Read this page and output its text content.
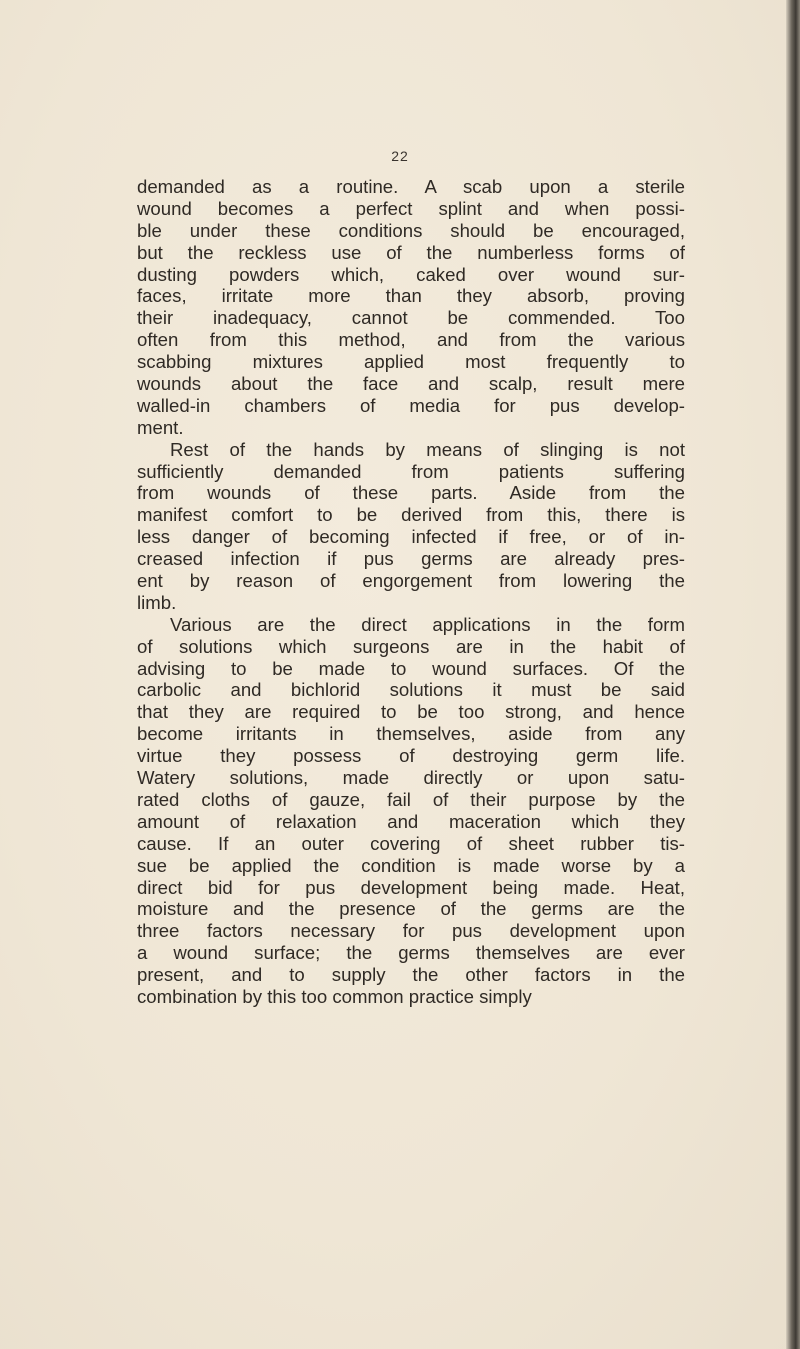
22
demanded as a routine. A scab upon a sterile
wound becomes a perfect splint and when possi-
ble under these conditions should be encouraged,
but the reckless use of the numberless forms of
dusting powders which, caked over wound sur-
faces, irritate more than they absorb, proving
their inadequacy, cannot be commended. Too
often from this method, and from the various
scabbing mixtures applied most frequently to
wounds about the face and scalp, result mere
walled-in chambers of media for pus develop-
ment.
Rest of the hands by means of slinging is not
sufficiently demanded from patients suffering
from wounds of these parts. Aside from the
manifest comfort to be derived from this, there is
less danger of becoming infected if free, or of in-
creased infection if pus germs are already pres-
ent by reason of engorgement from lowering the
limb.
Various are the direct applications in the form
of solutions which surgeons are in the habit of
advising to be made to wound surfaces. Of the
carbolic and bichlorid solutions it must be said
that they are required to be too strong, and hence
become irritants in themselves, aside from any
virtue they possess of destroying germ life.
Watery solutions, made directly or upon satu-
rated cloths of gauze, fail of their purpose by the
amount of relaxation and maceration which they
cause. If an outer covering of sheet rubber tis-
sue be applied the condition is made worse by a
direct bid for pus development being made. Heat,
moisture and the presence of the germs are the
three factors necessary for pus development upon
a wound surface; the germs themselves are ever
present, and to supply the other factors in the
combination by this too common practice simply
